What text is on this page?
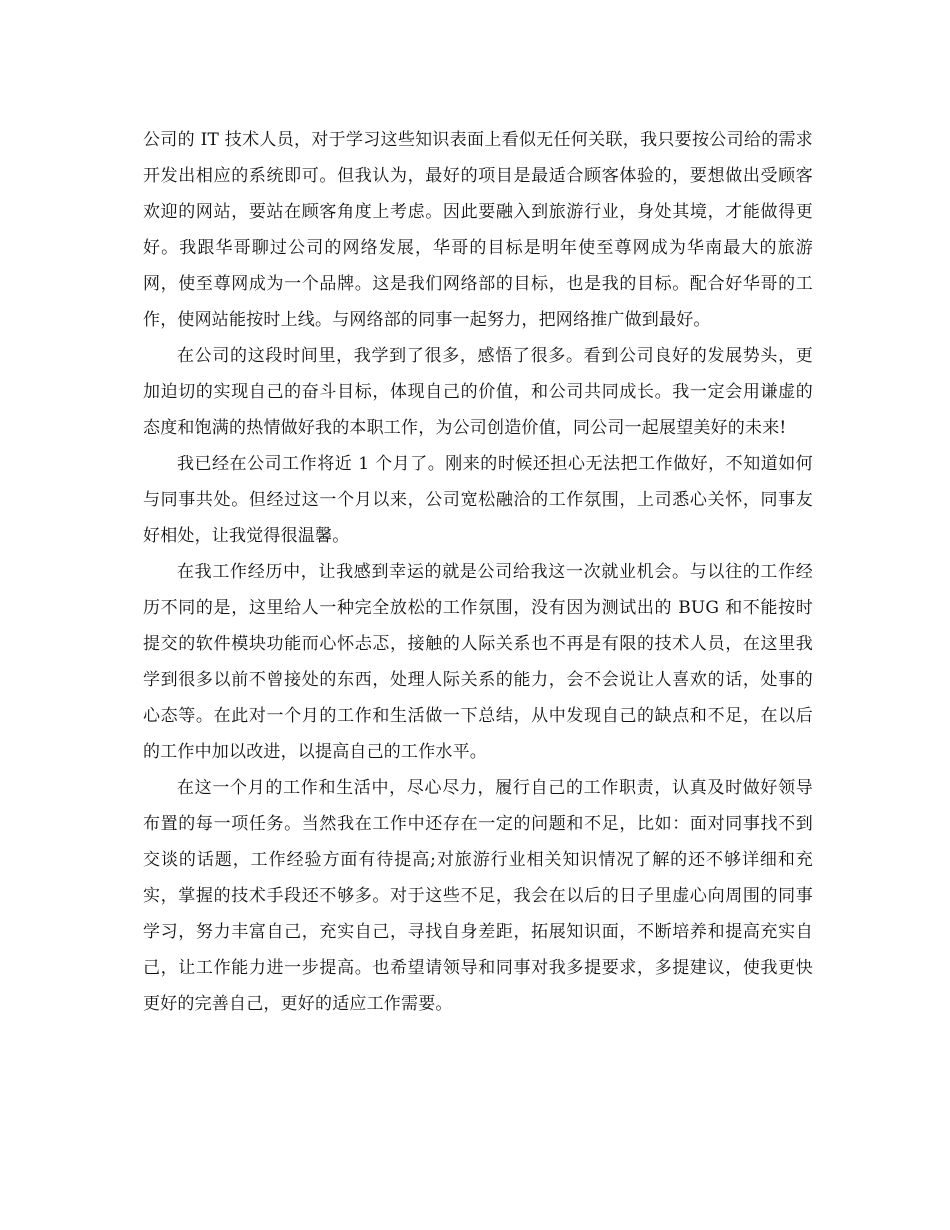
公司的 IT 技术人员，对于学习这些知识表面上看似无任何关联，我只要按公司给的需求开发出相应的系统即可。但我认为，最好的项目是最适合顾客体验的，要想做出受顾客欢迎的网站，要站在顾客角度上考虑。因此要融入到旅游行业，身处其境，才能做得更好。我跟华哥聊过公司的网络发展，华哥的目标是明年使至尊网成为华南最大的旅游网，使至尊网成为一个品牌。这是我们网络部的目标，也是我的目标。配合好华哥的工作，使网站能按时上线。与网络部的同事一起努力，把网络推广做到最好。

在公司的这段时间里，我学到了很多，感悟了很多。看到公司良好的发展势头，更加迫切的实现自己的奋斗目标，体现自己的价值，和公司共同成长。我一定会用谦虚的态度和饱满的热情做好我的本职工作，为公司创造价值，同公司一起展望美好的未来!

我已经在公司工作将近 1 个月了。刚来的时候还担心无法把工作做好，不知道如何与同事共处。但经过这一个月以来，公司宽松融洽的工作氛围，上司悉心关怀，同事友好相处，让我觉得很温馨。

在我工作经历中，让我感到幸运的就是公司给我这一次就业机会。与以往的工作经历不同的是，这里给人一种完全放松的工作氛围，没有因为测试出的 BUG 和不能按时提交的软件模块功能而心怀忐忑，接触的人际关系也不再是有限的技术人员，在这里我学到很多以前不曾接处的东西，处理人际关系的能力，会不会说让人喜欢的话，处事的心态等。在此对一个月的工作和生活做一下总结，从中发现自己的缺点和不足，在以后的工作中加以改进，以提高自己的工作水平。

在这一个月的工作和生活中，尽心尽力，履行自己的工作职责，认真及时做好领导布置的每一项任务。当然我在工作中还存在一定的问题和不足，比如：面对同事找不到交谈的话题，工作经验方面有待提高;对旅游行业相关知识情况了解的还不够详细和充实，掌握的技术手段还不够多。对于这些不足，我会在以后的日子里虚心向周围的同事学习，努力丰富自己，充实自己，寻找自身差距，拓展知识面，不断培养和提高充实自己，让工作能力进一步提高。也希望请领导和同事对我多提要求，多提建议，使我更快更好的完善自己，更好的适应工作需要。
